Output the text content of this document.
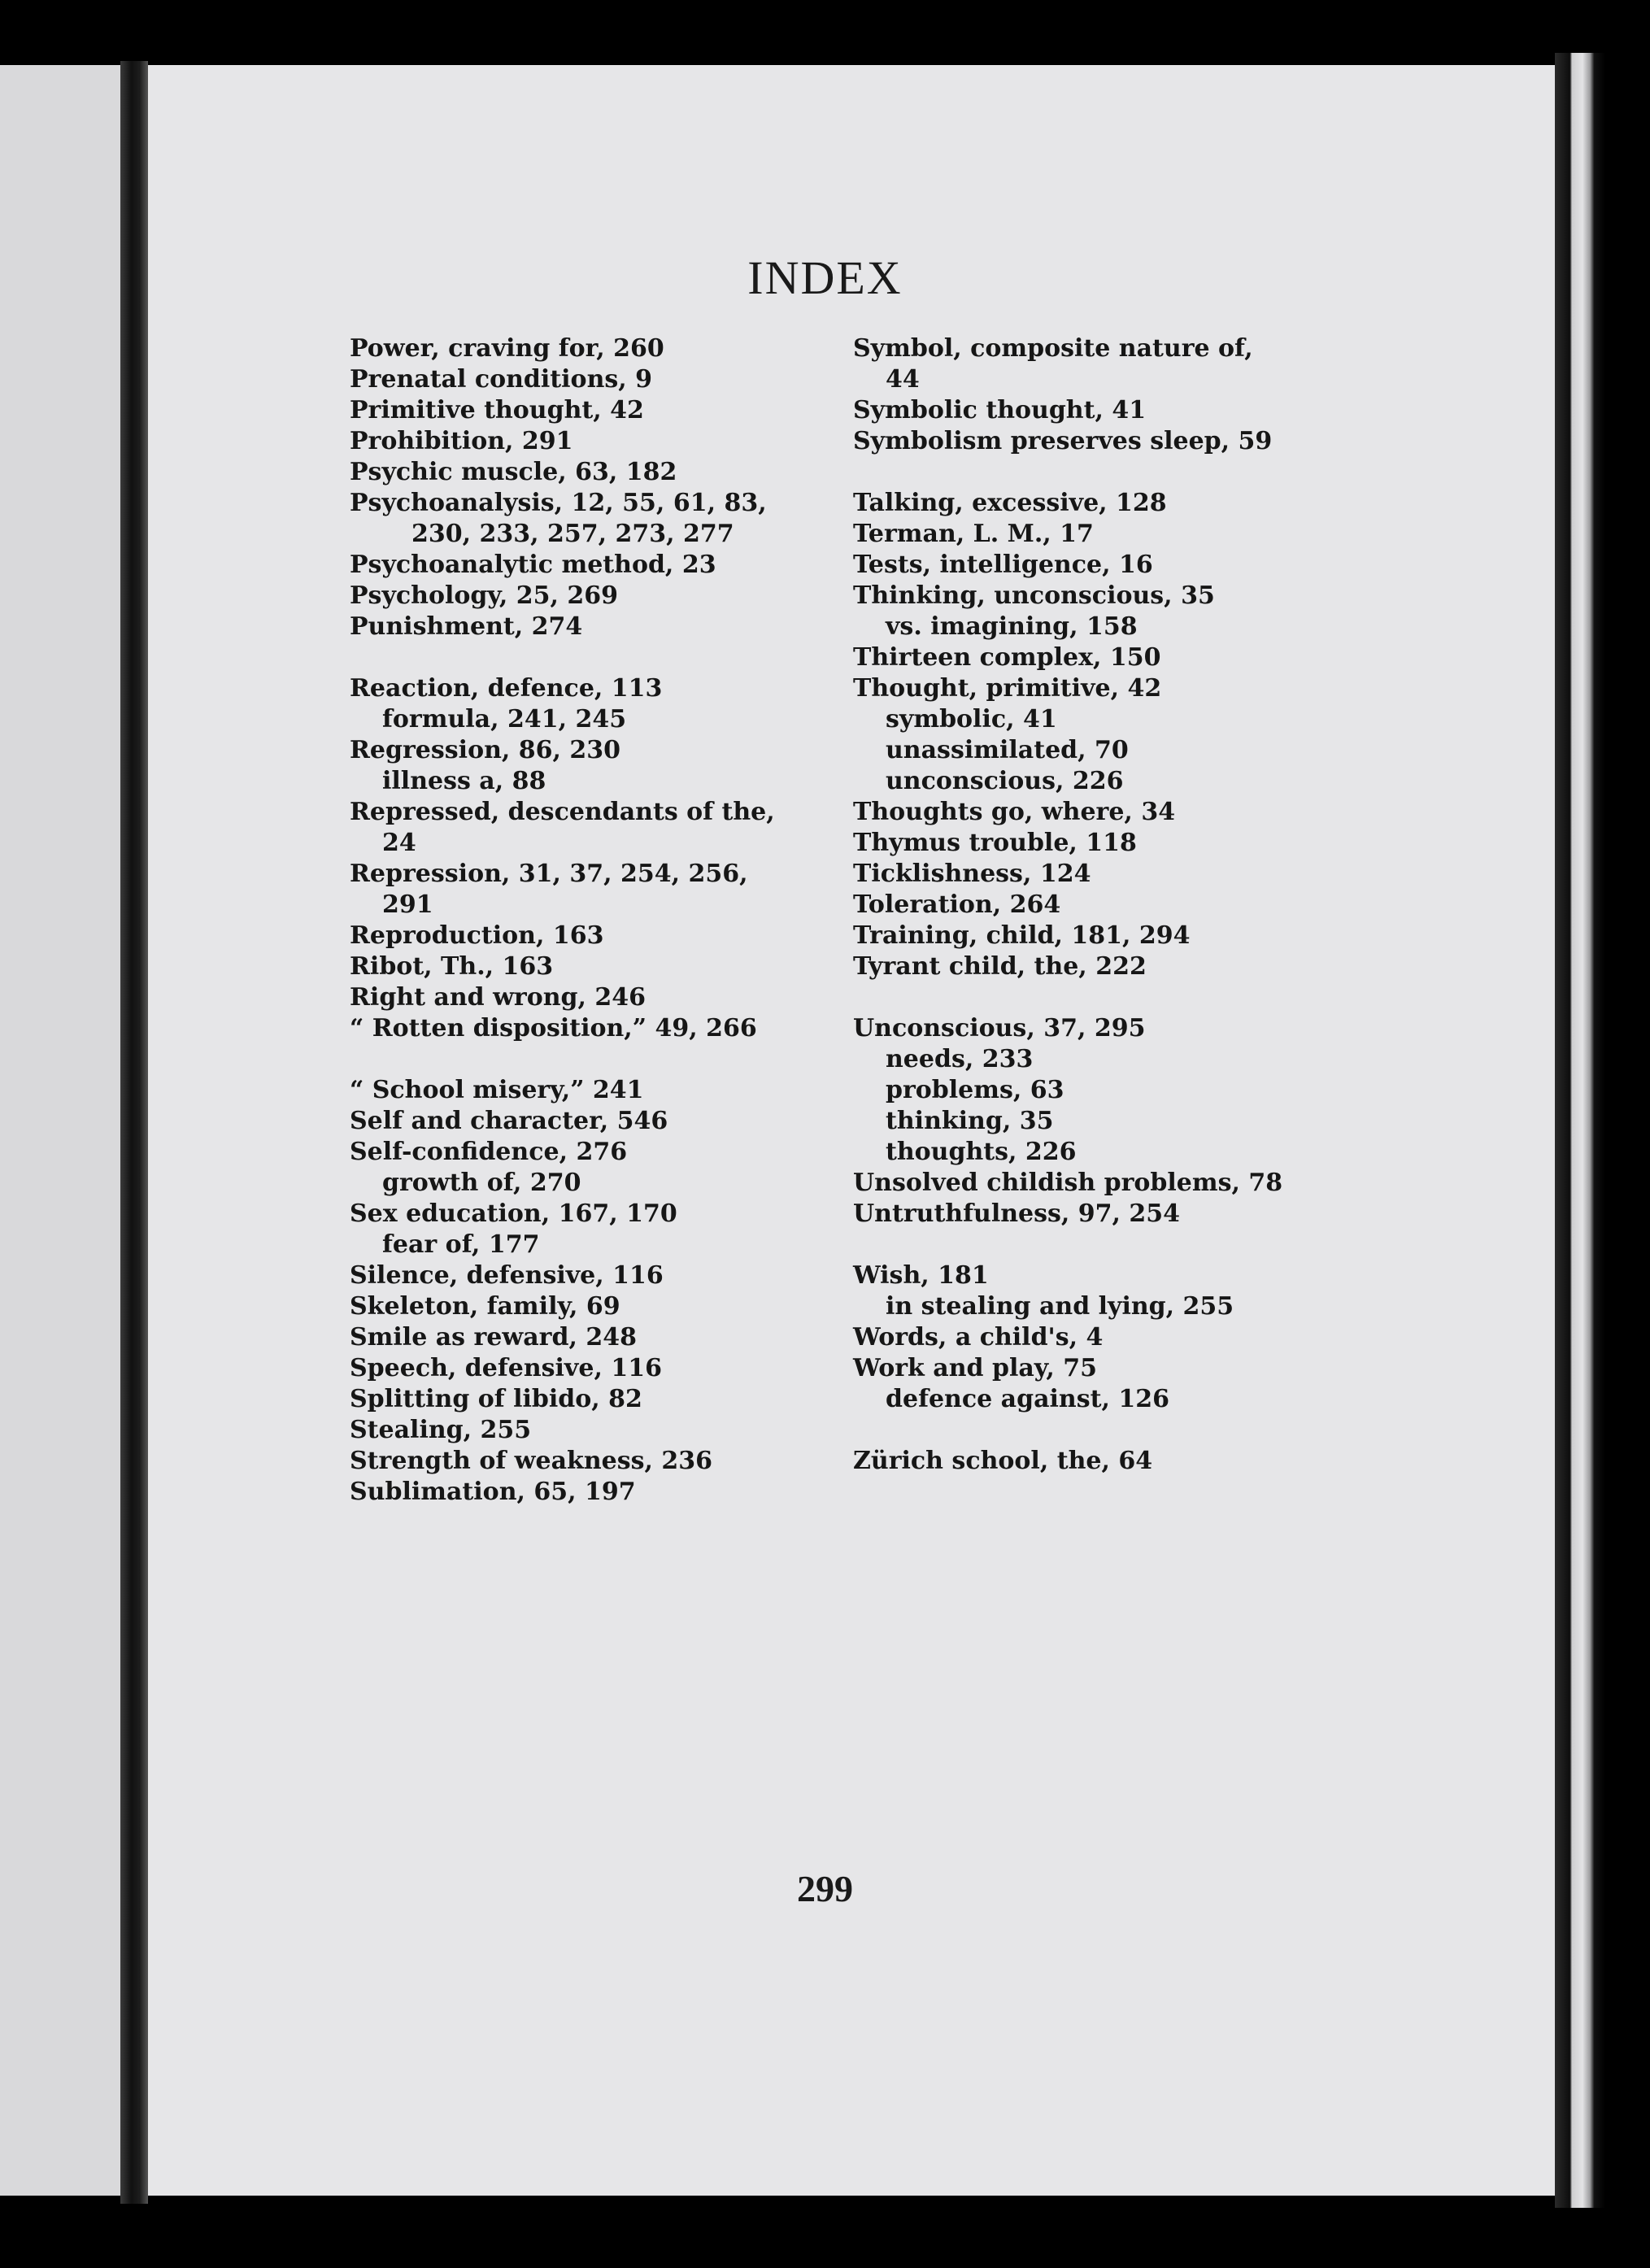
INDEX
Power, craving for, 260
Prenatal conditions, 9
Primitive thought, 42
Prohibition, 291
Psychic muscle, 63, 182
Psychoanalysis, 12, 55, 61, 83,
230, 233, 257, 273, 277
Psychoanalytic method, 23
Psychology, 25, 269
Punishment, 274
Reaction, defence, 113
formula, 241, 245
Regression, 86, 230
illness a, 88
Repressed, descendants of the,
24
Repression, 31, 37, 254, 256,
291
Reproduction, 163
Ribot, Th., 163
Right and wrong, 246
“ Rotten disposition,” 49, 266
“ School misery,” 241
Self and character, 546
Self-confidence, 276
growth of, 270
Sex education, 167, 170
fear of, 177
Silence, defensive, 116
Skeleton, family, 69
Smile as reward, 248
Speech, defensive, 116
Splitting of libido, 82
Stealing, 255
Strength of weakness, 236
Sublimation, 65, 197
Symbol, composite nature of,
44
Symbolic thought, 41
Symbolism preserves sleep, 59
Talking, excessive, 128
Terman, L. M., 17
Tests, intelligence, 16
Thinking, unconscious, 35
vs. imagining, 158
Thirteen complex, 150
Thought, primitive, 42
symbolic, 41
unassimilated, 70
unconscious, 226
Thoughts go, where, 34
Thymus trouble, 118
Ticklishness, 124
Toleration, 264
Training, child, 181, 294
Tyrant child, the, 222
Unconscious, 37, 295
needs, 233
problems, 63
thinking, 35
thoughts, 226
Unsolved childish problems, 78
Untruthfulness, 97, 254
Wish, 181
in stealing and lying, 255
Words, a child's, 4
Work and play, 75
defence against, 126
Zürich school, the, 64
299
